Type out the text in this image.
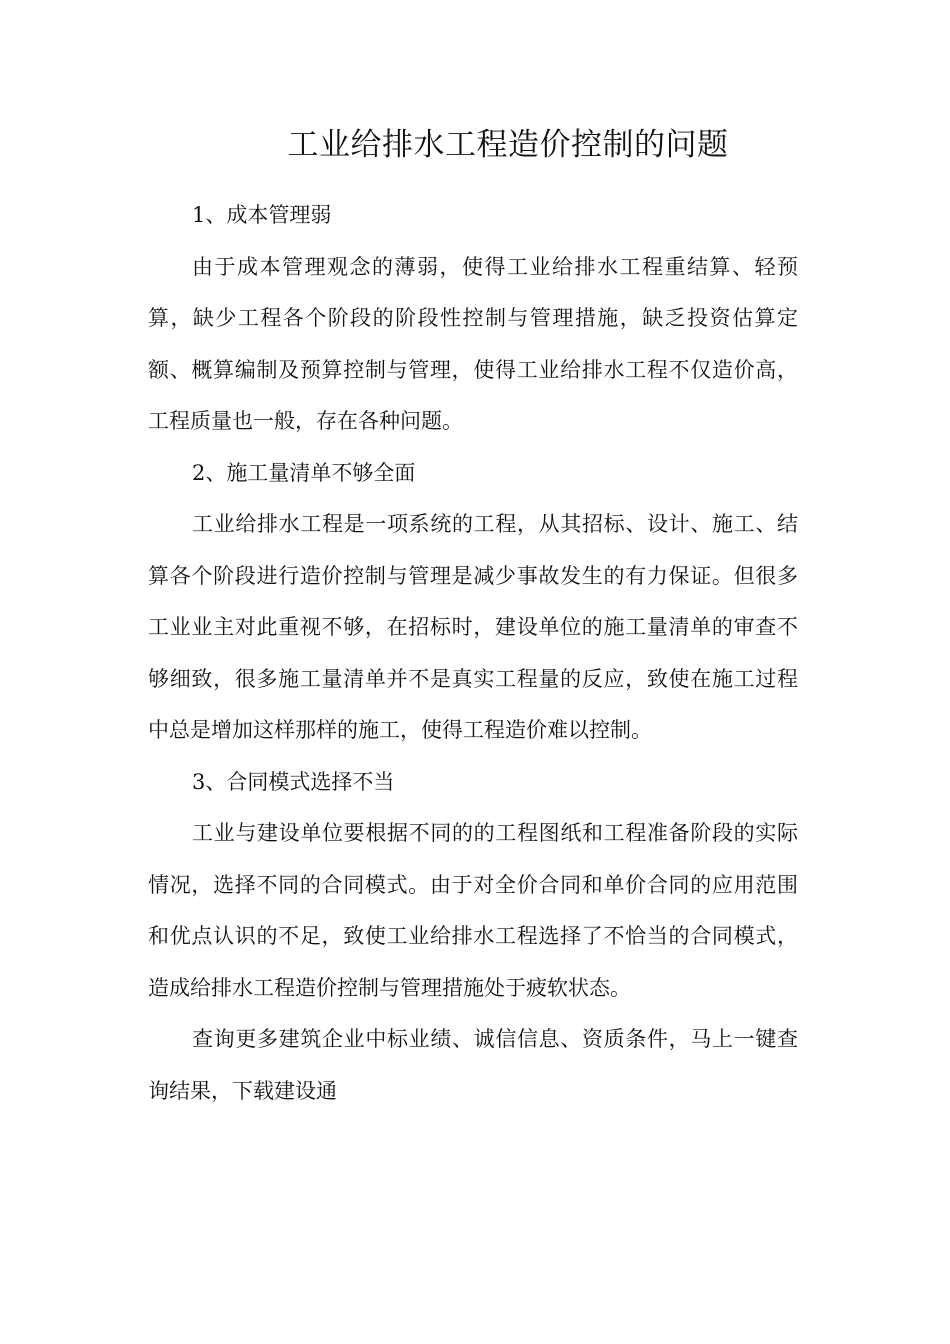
工业给排水工程造价控制的问题

1、成本管理弱

由于成本管理观念的薄弱，使得工业给排水工程重结算、轻预算，缺少工程各个阶段的阶段性控制与管理措施，缺乏投资估算定额、概算编制及预算控制与管理，使得工业给排水工程不仅造价高，工程质量也一般，存在各种问题。

2、施工量清单不够全面

工业给排水工程是一项系统的工程，从其招标、设计、施工、结算各个阶段进行造价控制与管理是减少事故发生的有力保证。但很多工业业主对此重视不够，在招标时，建设单位的施工量清单的审查不够细致，很多施工量清单并不是真实工程量的反应，致使在施工过程中总是增加这样那样的施工，使得工程造价难以控制。

3、合同模式选择不当

工业与建设单位要根据不同的的工程图纸和工程准备阶段的实际情况，选择不同的合同模式。由于对全价合同和单价合同的应用范围和优点认识的不足，致使工业给排水工程选择了不恰当的合同模式，造成给排水工程造价控制与管理措施处于疲软状态。

查询更多建筑企业中标业绩、诚信信息、资质条件，马上一键查询结果，下载建设通
